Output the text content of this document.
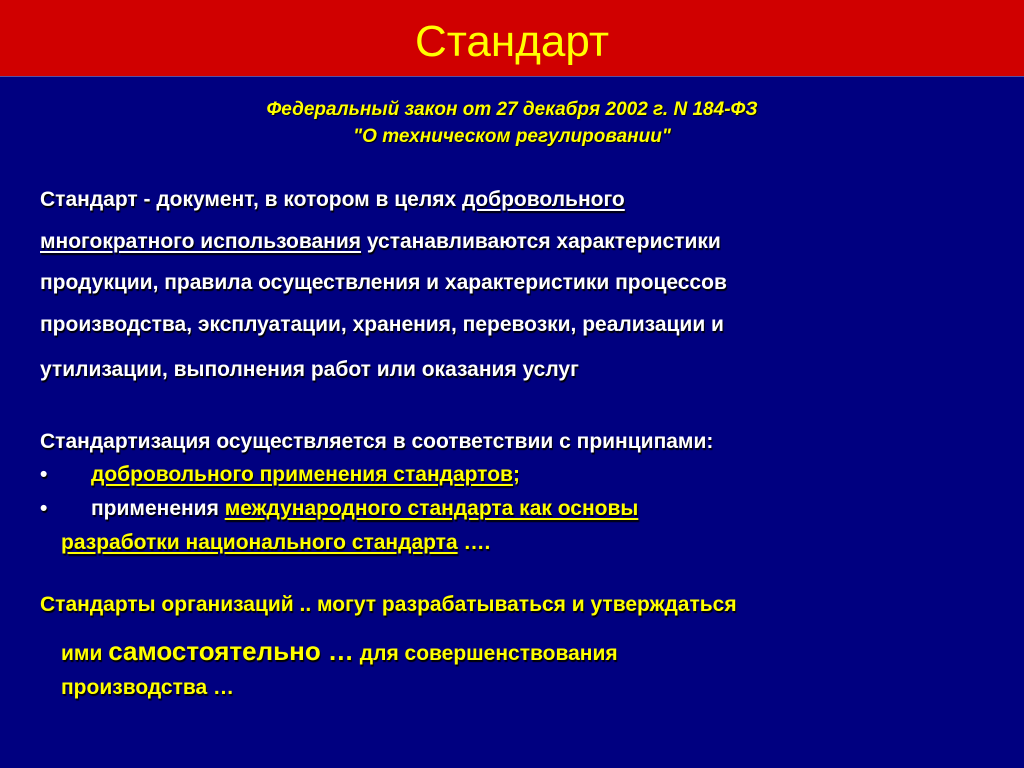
Стандарт
Федеральный закон от 27 декабря 2002 г. N 184-ФЗ
"О техническом регулировании"
Стандарт - документ, в котором в целях добровольного
многократного использования устанавливаются характеристики
продукции, правила осуществления и характеристики процессов
производства, эксплуатации, хранения, перевозки, реализации и
утилизации, выполнения работ или оказания услуг
Стандартизация осуществляется в соответствии с принципами:
• добровольного применения стандартов;
• применения международного стандарта как основы
разработки национального стандарта ….
Стандарты организаций .. могут разрабатываться и утверждаться
ими самостоятельно … для совершенствования
производства …
